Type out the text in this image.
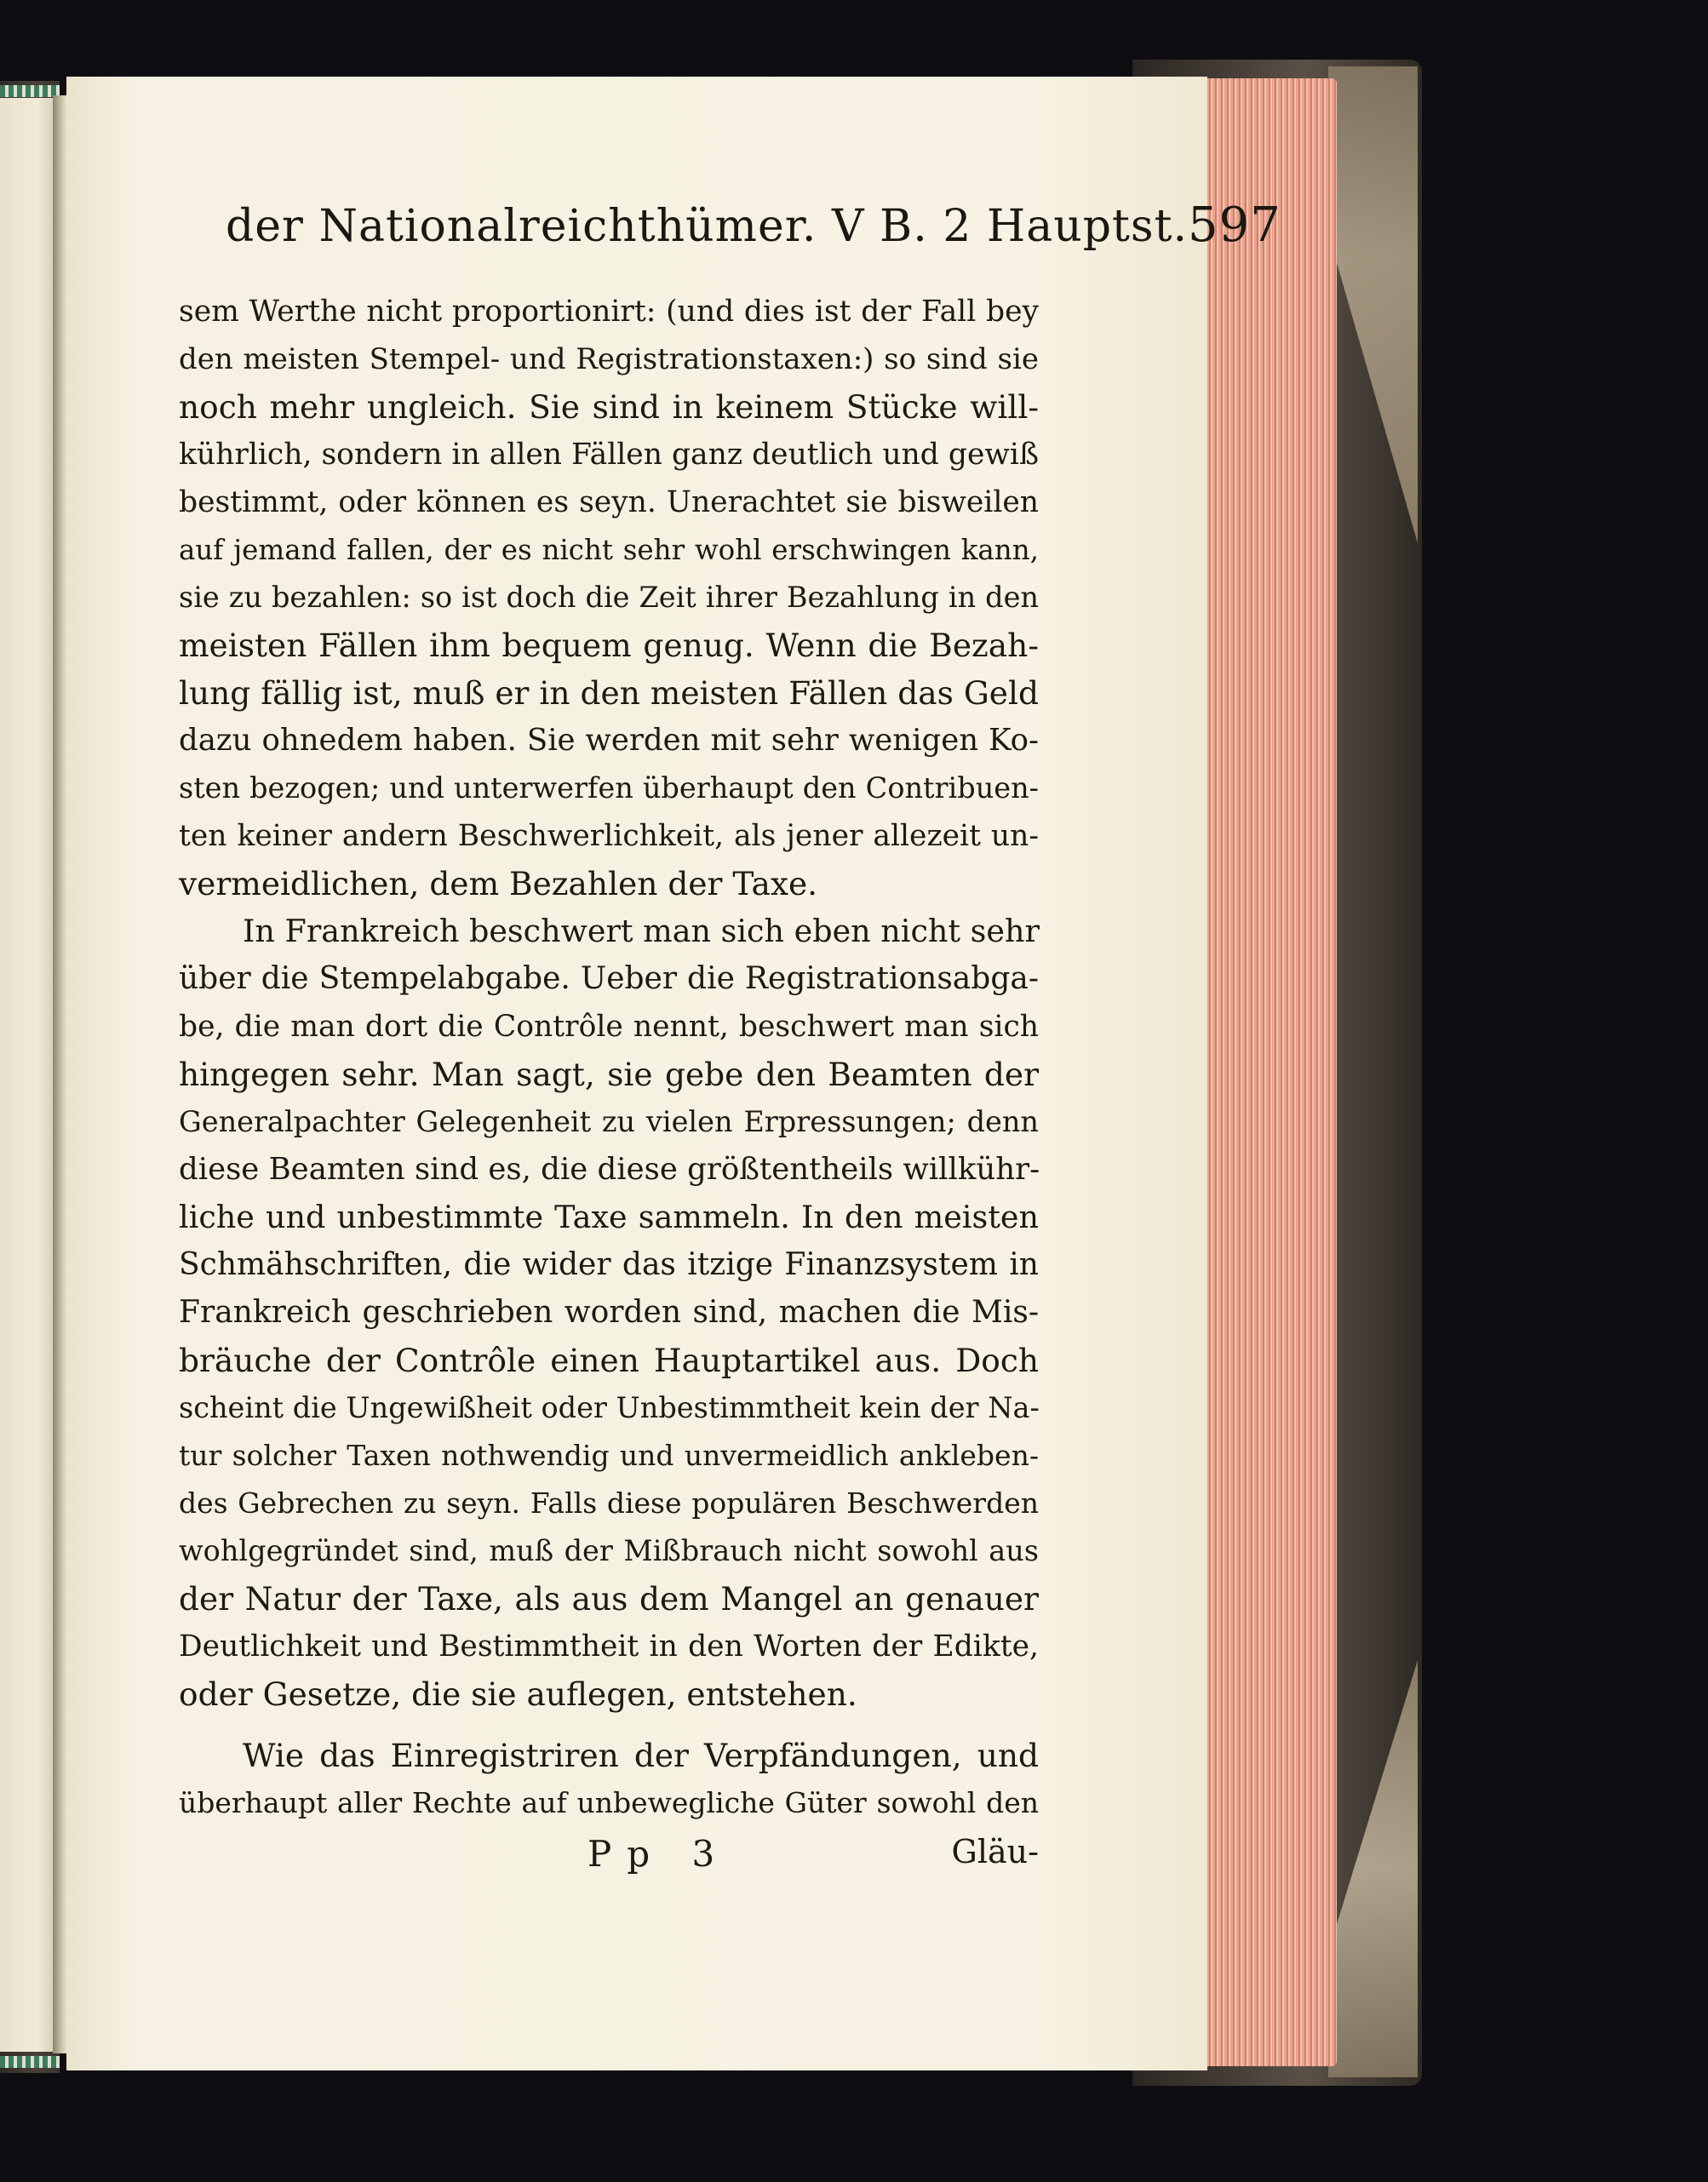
der Nationalreichthümer. V B. 2 Hauptst. 597
sem Werthe nicht proportionirt: (und dies ist der Fall bey
den meisten Stempel- und Registrationstaxen:) so sind sie
noch mehr ungleich. Sie sind in keinem Stücke will-
kührlich, sondern in allen Fällen ganz deutlich und gewiß
bestimmt, oder können es seyn. Unerachtet sie bisweilen
auf jemand fallen, der es nicht sehr wohl erschwingen kann,
sie zu bezahlen: so ist doch die Zeit ihrer Bezahlung in den
meisten Fällen ihm bequem genug. Wenn die Bezah-
lung fällig ist, muß er in den meisten Fällen das Geld
dazu ohnedem haben. Sie werden mit sehr wenigen Ko-
sten bezogen; und unterwerfen überhaupt den Contribuen-
ten keiner andern Beschwerlichkeit, als jener allezeit un-
vermeidlichen, dem Bezahlen der Taxe.
In Frankreich beschwert man sich eben nicht sehr
über die Stempelabgabe. Ueber die Registrationsabga-
be, die man dort die Contrôle nennt, beschwert man sich
hingegen sehr. Man sagt, sie gebe den Beamten der
Generalpachter Gelegenheit zu vielen Erpressungen; denn
diese Beamten sind es, die diese größtentheils willkühr-
liche und unbestimmte Taxe sammeln. In den meisten
Schmähschriften, die wider das itzige Finanzsystem in
Frankreich geschrieben worden sind, machen die Mis-
bräuche der Contrôle einen Hauptartikel aus. Doch
scheint die Ungewißheit oder Unbestimmtheit kein der Na-
tur solcher Taxen nothwendig und unvermeidlich ankleben-
des Gebrechen zu seyn. Falls diese populären Beschwerden
wohlgegründet sind, muß der Mißbrauch nicht sowohl aus
der Natur der Taxe, als aus dem Mangel an genauer
Deutlichkeit und Bestimmtheit in den Worten der Edikte,
oder Gesetze, die sie auflegen, entstehen.
Wie das Einregistriren der Verpfändungen, und
überhaupt aller Rechte auf unbewegliche Güter sowohl den
Pp 3	Gläu-
